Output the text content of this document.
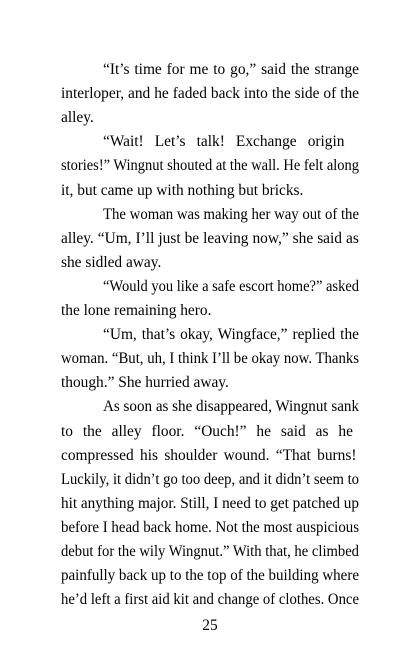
“It’s time for me to go,” said the strange
interloper, and he faded back into the side of the
alley.
“Wait! Let’s talk! Exchange origin
stories!” Wingnut shouted at the wall. He felt along
it, but came up with nothing but bricks.
The woman was making her way out of the
alley. “Um, I’ll just be leaving now,” she said as
she sidled away.
“Would you like a safe escort home?” asked
the lone remaining hero.
“Um, that’s okay, Wingface,” replied the
woman. “But, uh, I think I’ll be okay now. Thanks
though.” She hurried away.
As soon as she disappeared, Wingnut sank
to the alley floor. “Ouch!” he said as he
compressed his shoulder wound. “That burns!
Luckily, it didn’t go too deep, and it didn’t seem to
hit anything major. Still, I need to get patched up
before I head back home. Not the most auspicious
debut for the wily Wingnut.” With that, he climbed
painfully back up to the top of the building where
he’d left a first aid kit and change of clothes. Once
25
